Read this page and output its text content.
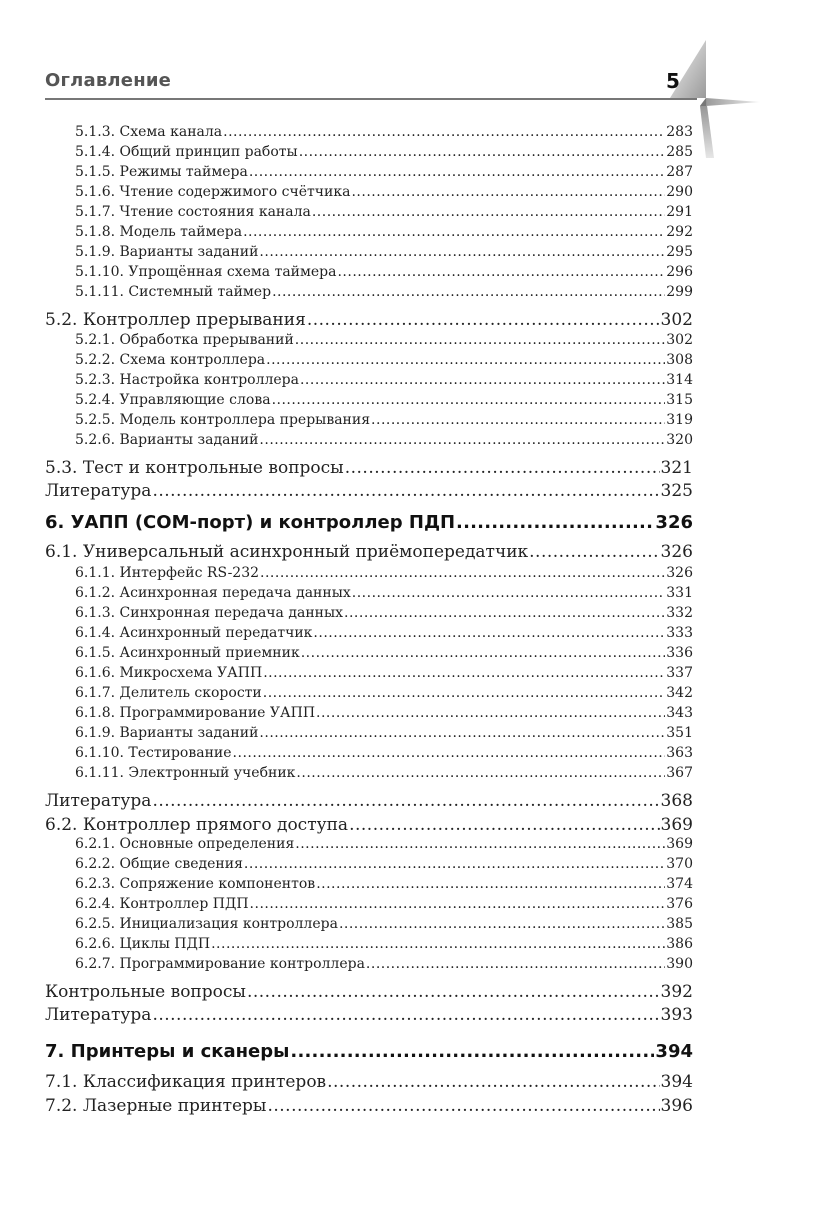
Оглавление	5
5.1.3. Схема канала .....	283
5.1.4. Общий принцип работы .....	285
5.1.5. Режимы таймера .....	287
5.1.6. Чтение содержимого счётчика .....	290
5.1.7. Чтение состояния канала .....	291
5.1.8. Модель таймера .....	292
5.1.9. Варианты заданий .....	295
5.1.10. Упрощённая схема таймера .....	296
5.1.11. Системный таймер .....	299
5.2. Контроллер прерывания .....	302
5.2.1. Обработка прерываний .....	302
5.2.2. Схема контроллера .....	308
5.2.3. Настройка контроллера .....	314
5.2.4. Управляющие слова .....	315
5.2.5. Модель контроллера прерывания .....	319
5.2.6. Варианты заданий .....	320
5.3. Тест и контрольные вопросы .....	321
Литература .....	325
6. УАПП (COM-порт) и контроллер ПДП .....	326
6.1. Универсальный асинхронный приёмопередатчик .....	326
6.1.1. Интерфейс RS-232 .....	326
6.1.2. Асинхронная передача данных .....	331
6.1.3. Синхронная передача данных .....	332
6.1.4. Асинхронный передатчик .....	333
6.1.5. Асинхронный приемник .....	336
6.1.6. Микросхема УАПП .....	337
6.1.7. Делитель скорости .....	342
6.1.8. Программирование УАПП .....	343
6.1.9. Варианты заданий .....	351
6.1.10. Тестирование .....	363
6.1.11. Электронный учебник .....	367
Литература .....	368
6.2. Контроллер прямого доступа .....	369
6.2.1. Основные определения .....	369
6.2.2. Общие сведения .....	370
6.2.3. Сопряжение компонентов .....	374
6.2.4. Контроллер ПДП .....	376
6.2.5. Инициализация контроллера .....	385
6.2.6. Циклы ПДП .....	386
6.2.7. Программирование контроллера .....	390
Контрольные вопросы .....	392
Литература .....	393
7. Принтеры и сканеры .....	394
7.1. Классификация принтеров .....	394
7.2. Лазерные принтеры .....	396
